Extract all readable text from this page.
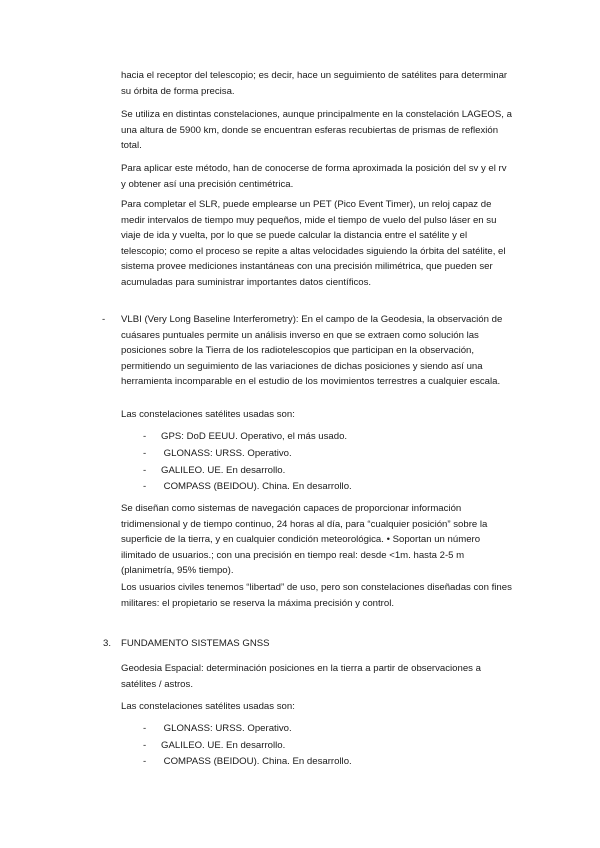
hacia el receptor del telescopio; es decir, hace un seguimiento de satélites para determinar su órbita de forma precisa.

Se utiliza en distintas constelaciones, aunque principalmente en la constelación LAGEOS, a una altura de 5900 km, donde se encuentran esferas recubiertas de prismas de reflexión total.

Para aplicar este método, han de conocerse de forma aproximada la posición del sv y el rv y obtener así una precisión centimétrica.

Para completar el SLR, puede emplearse un PET (Pico Event Timer), un reloj capaz de medir intervalos de tiempo muy pequeños, mide el tiempo de vuelo del pulso láser en su viaje de ida y vuelta, por lo que se puede calcular la distancia entre el satélite y el telescopio; como el proceso se repite a altas velocidades siguiendo la órbita del satélite, el sistema provee mediciones instantáneas con una precisión milimétrica, que pueden ser acumuladas para suministrar importantes datos científicos.

- VLBI (Very Long Baseline Interferometry): En el campo de la Geodesia, la observación de cuásares puntuales permite un análisis inverso en que se extraen como solución las posiciones sobre la Tierra de los radiotelescopios que participan en la observación, permitiendo un seguimiento de las variaciones de dichas posiciones y siendo así una herramienta incomparable en el estudio de los movimientos terrestres a cualquier escala.

Las constelaciones satélites usadas son:

- GPS: DoD EEUU. Operativo, el más usado.
- GLONASS: URSS. Operativo.
- GALILEO. UE. En desarrollo.
- COMPASS (BEIDOU). China. En desarrollo.

Se diseñan como sistemas de navegación capaces de proporcionar información tridimensional y de tiempo continuo, 24 horas al día, para “cualquier posición” sobre la superficie de la tierra, y en cualquier condición meteorológica. • Soportan un número ilimitado de usuarios.; con una precisión en tiempo real: desde <1m. hasta 2-5 m (planimetría, 95% tiempo).

Los usuarios civiles tenemos “libertad” de uso, pero son constelaciones diseñadas con fines militares: el propietario se reserva la máxima precisión y control.

3. FUNDAMENTO SISTEMAS GNSS

Geodesia Espacial: determinación posiciones en la tierra a partir de observaciones a satélites / astros.

Las constelaciones satélites usadas son:

- GLONASS: URSS. Operativo.
- GALILEO. UE. En desarrollo.
- COMPASS (BEIDOU). China. En desarrollo.
